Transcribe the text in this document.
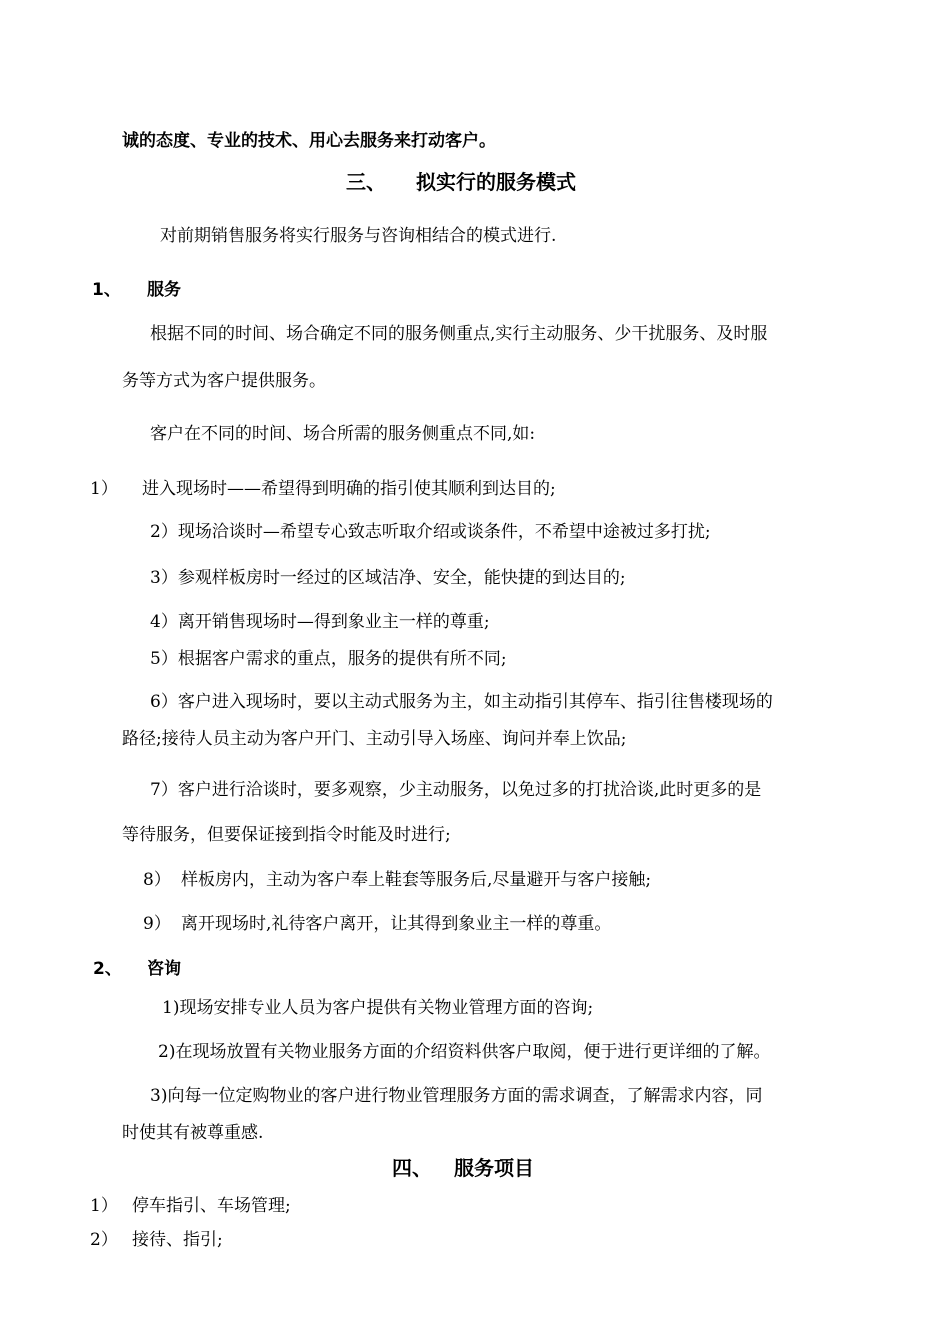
诚的态度、专业的技术、用心去服务来打动客户。
三、 拟实行的服务模式
对前期销售服务将实行服务与咨询相结合的模式进行.
1、 服务
根据不同的时间、场合确定不同的服务侧重点,实行主动服务、少干扰服务、及时服
务等方式为客户提供服务。
客户在不同的时间、场合所需的服务侧重点不同,如:
1） 进入现场时——希望得到明确的指引使其顺利到达目的;
2）现场洽谈时—希望专心致志听取介绍或谈条件，不希望中途被过多打扰;
3）参观样板房时一经过的区域洁净、安全，能快捷的到达目的;
4）离开销售现场时—得到象业主一样的尊重;
5）根据客户需求的重点，服务的提供有所不同;
6）客户进入现场时，要以主动式服务为主，如主动指引其停车、指引往售楼现场的
路径;接待人员主动为客户开门、主动引导入场座、询问并奉上饮品;
7）客户进行洽谈时，要多观察，少主动服务，以免过多的打扰洽谈,此时更多的是
等待服务，但要保证接到指令时能及时进行;
8） 样板房内，主动为客户奉上鞋套等服务后,尽量避开与客户接触;
9） 离开现场时,礼待客户离开，让其得到象业主一样的尊重。
2、 咨询
1)现场安排专业人员为客户提供有关物业管理方面的咨询;
2)在现场放置有关物业服务方面的介绍资料供客户取阅，便于进行更详细的了解。
3)向每一位定购物业的客户进行物业管理服务方面的需求调查，了解需求内容，同
时使其有被尊重感.
四、 服务项目
1） 停车指引、车场管理;
2） 接待、指引;
